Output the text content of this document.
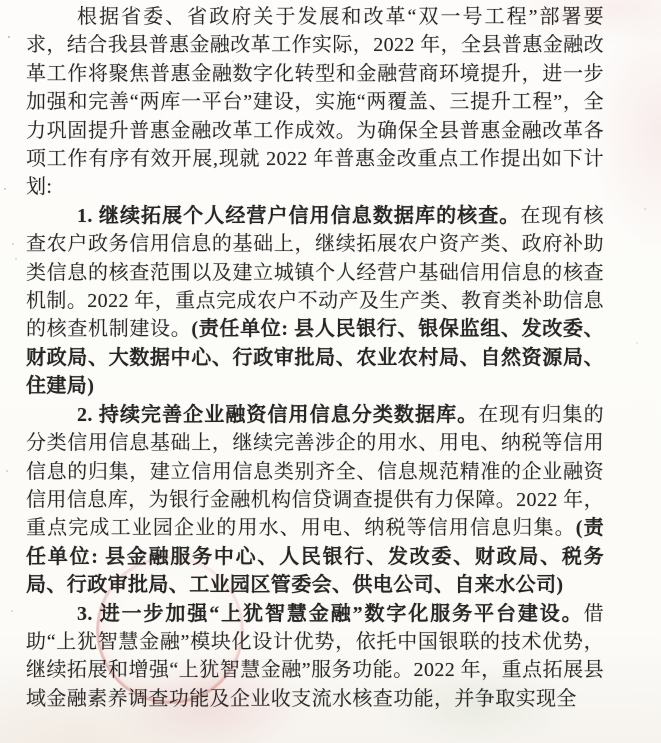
根据省委、省政府关于发展和改革“双一号工程”部署要求，结合我县普惠金融改革工作实际，2022 年，全县普惠金融改革工作将聚焦普惠金融数字化转型和金融营商环境提升，进一步加强和完善“两库一平台”建设，实施“两覆盖、三提升工程”，全力巩固提升普惠金融改革工作成效。为确保全县普惠金融改革各项工作有序有效开展,现就 2022 年普惠金改重点工作提出如下计划:

1. 继续拓展个人经营户信用信息数据库的核查。在现有核查农户政务信用信息的基础上，继续拓展农户资产类、政府补助类信息的核查范围以及建立城镇个人经营户基础信用信息的核查机制。2022 年，重点完成农户不动产及生产类、教育类补助信息的核查机制建设。(责任单位: 县人民银行、银保监组、发改委、财政局、大数据中心、行政审批局、农业农村局、自然资源局、住建局)

2. 持续完善企业融资信用信息分类数据库。在现有归集的分类信用信息基础上，继续完善涉企的用水、用电、纳税等信用信息的归集，建立信用信息类别齐全、信息规范精准的企业融资信用信息库，为银行金融机构信贷调查提供有力保障。2022 年，重点完成工业园企业的用水、用电、纳税等信用信息归集。(责任单位: 县金融服务中心、人民银行、发改委、财政局、税务局、行政审批局、工业园区管委会、供电公司、自来水公司)

3. 进一步加强“上犹智慧金融”数字化服务平台建设。借助“上犹智慧金融”模块化设计优势，依托中国银联的技术优势，继续拓展和增强“上犹智慧金融”服务功能。2022 年，重点拓展县域金融素养调查功能及企业收支流水核查功能，并争取实现全
